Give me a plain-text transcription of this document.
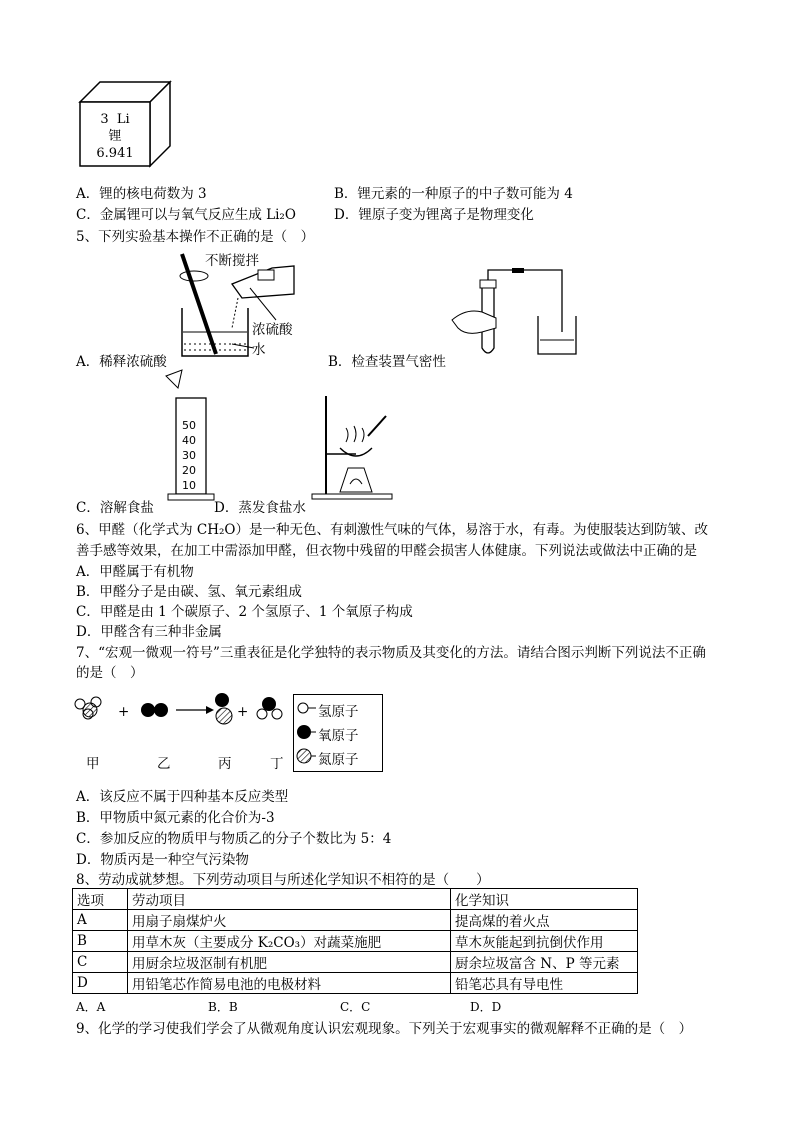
3 Li
锂
6.941
A．锂的核电荷数为 3	B．锂元素的一种原子的中子数可能为 4
C．金属锂可以与氧气反应生成 Li₂O	D．锂原子变为锂离子是物理变化
5、下列实验基本操作不正确的是（　）
不断搅拌
浓硫酸
水
A．稀释浓硫酸	B．检查装置气密性
50
40
30
20
10
C．溶解食盐	D．蒸发食盐水
6、甲醛（化学式为 CH₂O）是一种无色、有刺激性气味的气体，易溶于水，有毒。为使服装达到防皱、改
善手感等效果，在加工中需添加甲醛，但衣物中残留的甲醛会损害人体健康。下列说法或做法中正确的是
A．甲醛属于有机物
B．甲醛分子是由碳、氢、氧元素组成
C．甲醛是由 1 个碳原子、2 个氢原子、1 个氧原子构成
D．甲醛含有三种非金属
7、“宏观一微观一符号”三重表征是化学独特的表示物质及其变化的方法。请结合图示判断下列说法不正确
的是（　）
+	+	氢原子
氧原子
氮原子
甲	乙	丙	丁
A．该反应不属于四种基本反应类型
B．甲物质中氮元素的化合价为-3
C．参加反应的物质甲与物质乙的分子个数比为 5：4
D．物质丙是一种空气污染物
8、劳动成就梦想。下列劳动项目与所述化学知识不相符的是（　　）
选项	劳动项目	化学知识
A	用扇子扇煤炉火	提高煤的着火点
B	用草木灰（主要成分 K₂CO₃）对蔬菜施肥	草木灰能起到抗倒伏作用
C	用厨余垃圾沤制有机肥	厨余垃圾富含 N、P 等元素
D	用铅笔芯作简易电池的电极材料	铅笔芯具有导电性
A．A	B．B	C．C	D．D
9、化学的学习使我们学会了从微观角度认识宏观现象。下列关于宏观事实的微观解释不正确的是（　）
